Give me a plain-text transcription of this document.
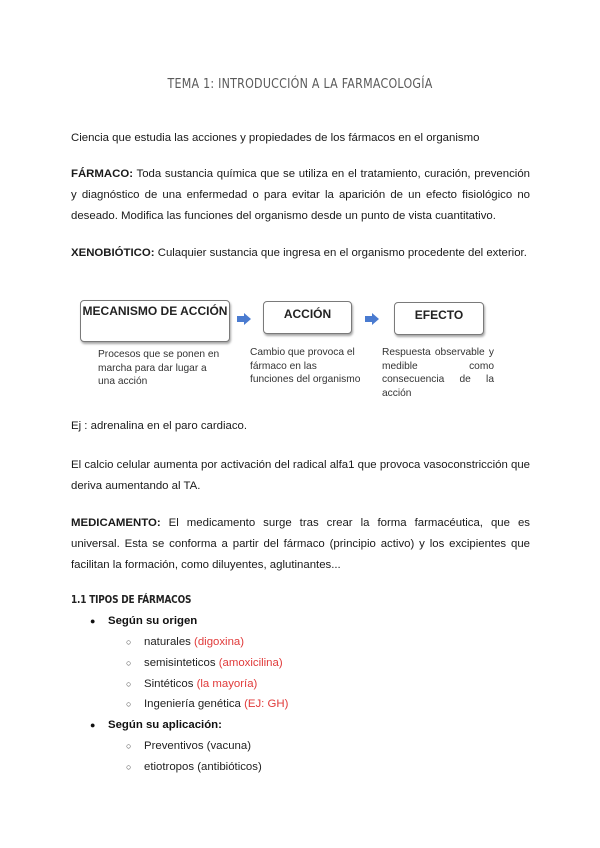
TEMA 1: INTRODUCCIÓN A LA FARMACOLOGÍA
Ciencia que estudia las acciones y propiedades de los fármacos en el organismo
FÁRMACO: Toda sustancia química que se utiliza en el tratamiento, curación, prevención y diagnóstico de una enfermedad o para evitar la aparición de un efecto fisiológico no deseado. Modifica las funciones del organismo desde un punto de vista cuantitativo.
XENOBIÓTICO: Culaquier sustancia que ingresa en el organismo procedente del exterior.
MECANISMO DE ACCIÓN	ACCIÓN	EFECTO
Procesos que se ponen en marcha para dar lugar a una acción
Cambio que provoca el fármaco en las funciones del organismo
Respuesta observable y medible como consecuencia de la acción
Ej : adrenalina en el paro cardiaco.
El calcio celular aumenta por activación del radical alfa1 que provoca vasoconstricción que deriva aumentando al TA.
MEDICAMENTO: El medicamento surge tras crear la forma farmacéutica, que es universal. Esta se conforma a partir del fármaco (principio activo) y los excipientes que facilitan la formación, como diluyentes, aglutinantes...
1.1 TIPOS DE FÁRMACOS
● Según su origen
○ naturales (digoxina)
○ semisinteticos (amoxicilina)
○ Sintéticos (la mayoría)
○ Ingeniería genética (EJ: GH)
● Según su aplicación:
○ Preventivos (vacuna)
○ etiotropos (antibióticos)
